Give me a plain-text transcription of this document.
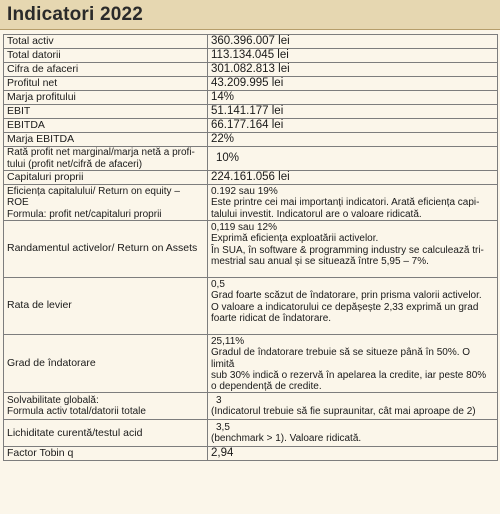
Indicatori 2022
Total activ	360.396.007 lei
Total datorii	113.134.045 lei
Cifra de afaceri	301.082.813 lei
Profitul net	43.209.995 lei
Marja profitului	14%
EBIT	51.141.177 lei
EBITDA	66.177.164 lei
Marja EBITDA	22%

Rată profit net marginal/marja netă a profi-
tului (profit net/cifră de afaceri)	10%
Capitaluri proprii	224.161.056 lei

Eficiența capitalului/ Return on equity –
ROE
Formula: profit net/capitaluri proprii	0.192 sau 19%
Este printre cei mai importanți indicatori. Arată eficiența capi-
talului investit. Indicatorul are o valoare ridicată.

Randamentul activelor/ Return on Assets	0,119 sau 12%
Exprimă eficiența exploatării activelor.
În SUA, în software & programming industry se calculează tri-
mestrial sau anual și se situează între 5,95 – 7%.

Rata de levier	0,5
Grad foarte scăzut de îndatorare, prin prisma valorii activelor.
O valoare a indicatorului ce depășește 2,33 exprimă un grad
foarte ridicat de îndatorare.

Grad de îndatorare	25,11%
Gradul de îndatorare trebuie să se situeze până în 50%. O limită
sub 30% indică o rezervă în apelarea la credite, iar peste 80%
o dependență de credite.

Solvabilitate globală:
Formula activ total/datorii totale	3
(Indicatorul trebuie să fie supraunitar, cât mai aproape de 2)

Lichiditate curentă/testul acid	3,5
(benchmark > 1). Valoare ridicată.

Factor Tobin q	2,94
